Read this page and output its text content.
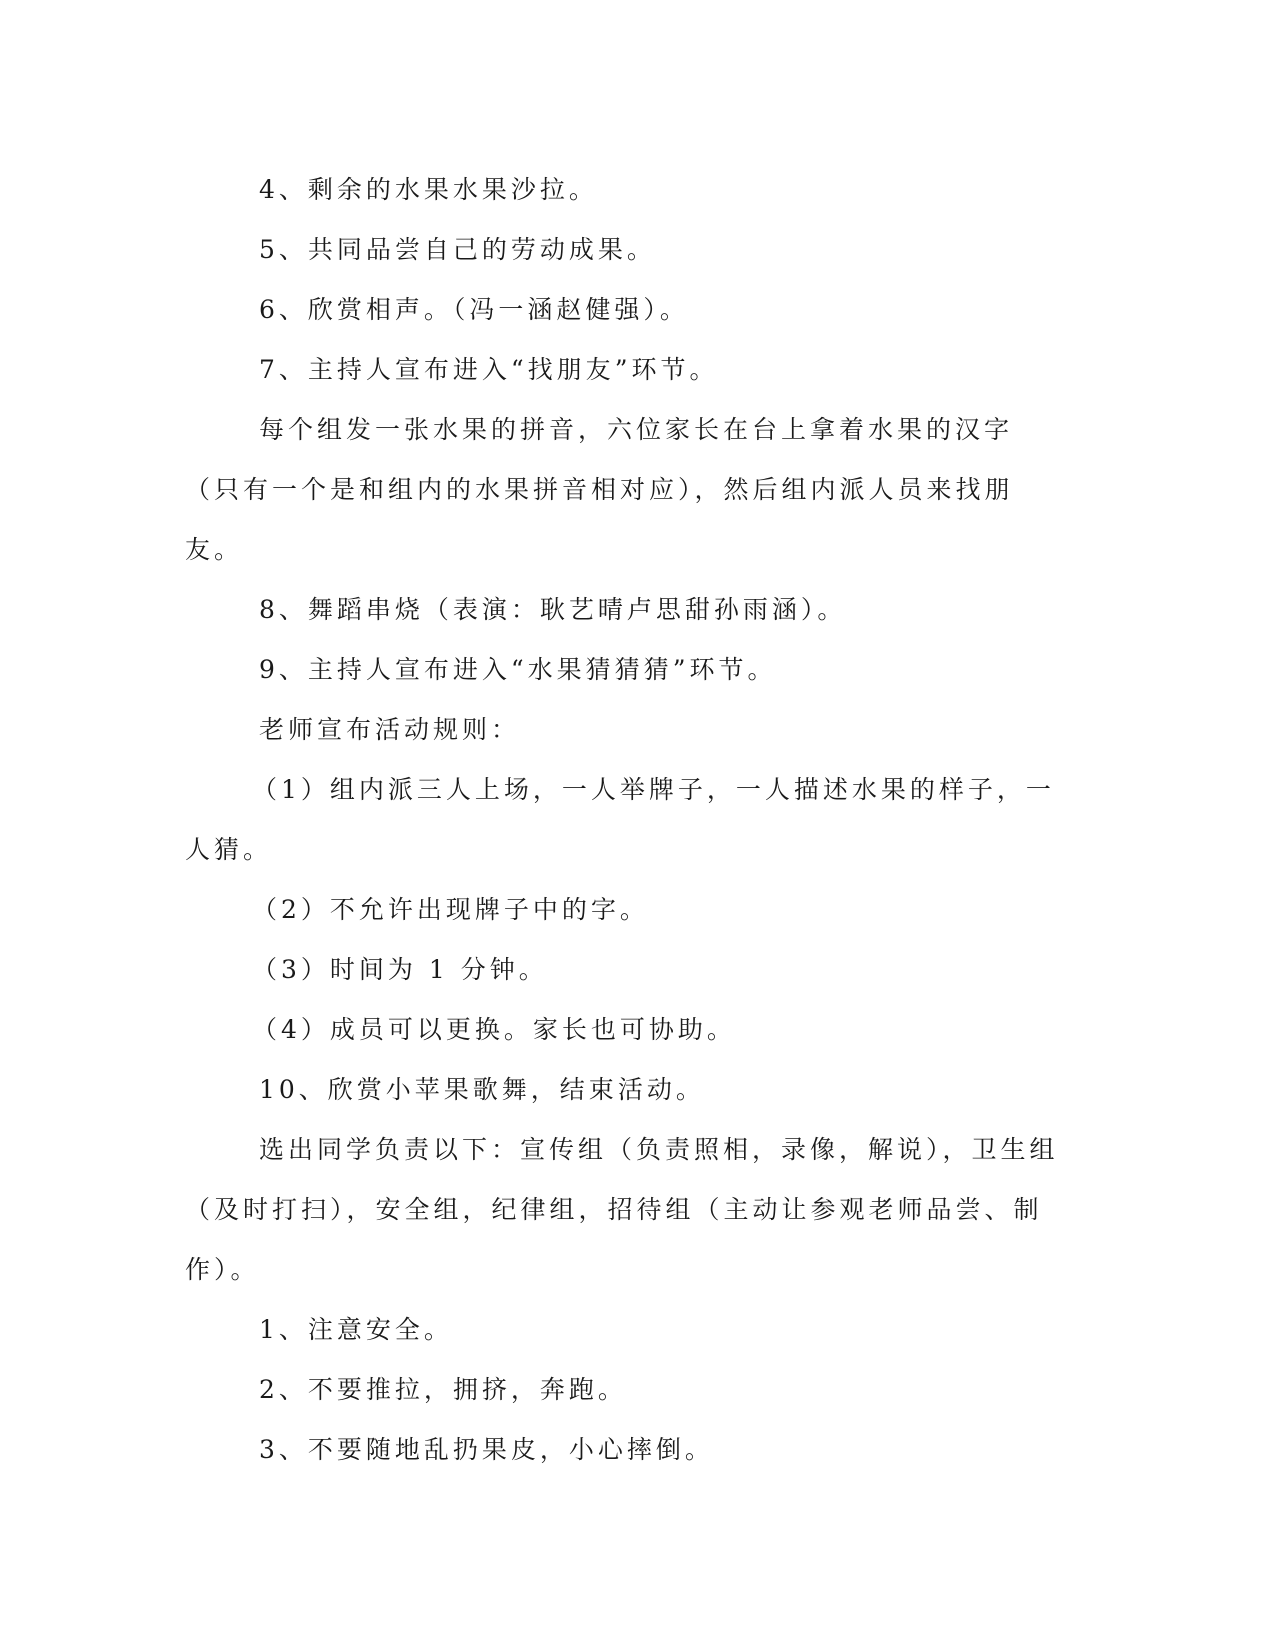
4、剩余的水果水果沙拉。

5、共同品尝自己的劳动成果。

6、欣赏相声。（冯一涵赵健强）。

7、主持人宣布进入“找朋友”环节。

每个组发一张水果的拼音，六位家长在台上拿着水果的汉字（只有一个是和组内的水果拼音相对应），然后组内派人员来找朋友。

8、舞蹈串烧（表演：耿艺晴卢思甜孙雨涵）。

9、主持人宣布进入“水果猜猜猜”环节。

老师宣布活动规则：

（1）组内派三人上场，一人举牌子，一人描述水果的样子，一人猜。

（2）不允许出现牌子中的字。

（3）时间为 1 分钟。

（4）成员可以更换。家长也可协助。

10、欣赏小苹果歌舞，结束活动。

选出同学负责以下：宣传组（负责照相，录像，解说），卫生组（及时打扫），安全组，纪律组，招待组（主动让参观老师品尝、制作）。

1、注意安全。

2、不要推拉，拥挤，奔跑。

3、不要随地乱扔果皮，小心摔倒。
